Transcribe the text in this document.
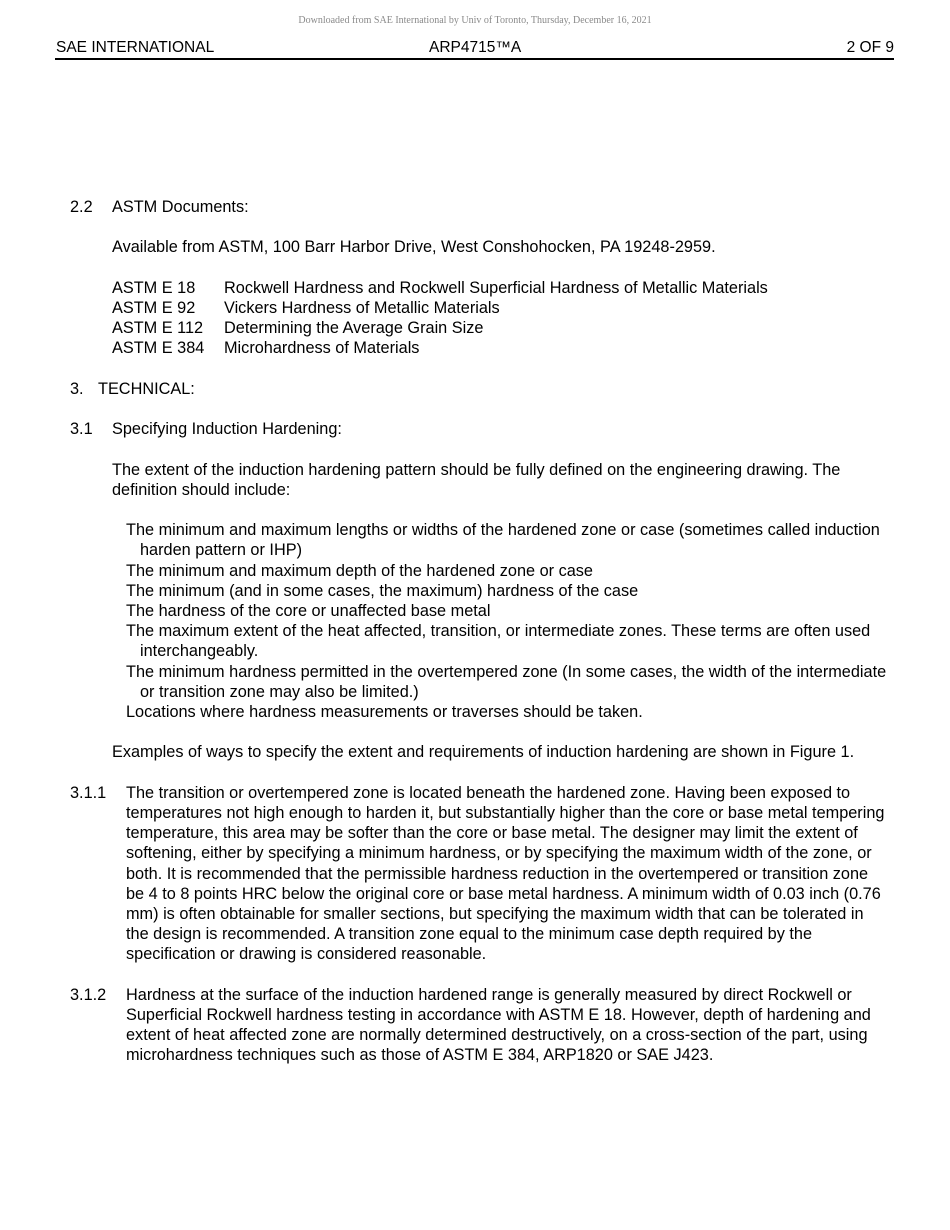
Downloaded from SAE International by Univ of Toronto, Thursday, December 16, 2021
SAE INTERNATIONAL	ARP4715™A	2 OF 9
2.2	ASTM Documents:
Available from ASTM, 100 Barr Harbor Drive, West Conshohocken, PA 19248-2959.
ASTM E 18	Rockwell Hardness and Rockwell Superficial Hardness of Metallic Materials
ASTM E 92	Vickers Hardness of Metallic Materials
ASTM E 112	Determining the Average Grain Size
ASTM E 384	Microhardness of Materials
3. TECHNICAL:
3.1	Specifying Induction Hardening:
The extent of the induction hardening pattern should be fully defined on the engineering drawing. The definition should include:
The minimum and maximum lengths or widths of the hardened zone or case (sometimes called induction harden pattern or IHP)
The minimum and maximum depth of the hardened zone or case
The minimum (and in some cases, the maximum) hardness of the case
The hardness of the core or unaffected base metal
The maximum extent of the heat affected, transition, or intermediate zones. These terms are often used interchangeably.
The minimum hardness permitted in the overtempered zone (In some cases, the width of the intermediate or transition zone may also be limited.)
Locations where hardness measurements or traverses should be taken.
Examples of ways to specify the extent and requirements of induction hardening are shown in Figure 1.
3.1.1	The transition or overtempered zone is located beneath the hardened zone. Having been exposed to temperatures not high enough to harden it, but substantially higher than the core or base metal tempering temperature, this area may be softer than the core or base metal. The designer may limit the extent of softening, either by specifying a minimum hardness, or by specifying the maximum width of the zone, or both. It is recommended that the permissible hardness reduction in the overtempered or transition zone be 4 to 8 points HRC below the original core or base metal hardness. A minimum width of 0.03 inch (0.76 mm) is often obtainable for smaller sections, but specifying the maximum width that can be tolerated in the design is recommended. A transition zone equal to the minimum case depth required by the specification or drawing is considered reasonable.
3.1.2	Hardness at the surface of the induction hardened range is generally measured by direct Rockwell or Superficial Rockwell hardness testing in accordance with ASTM E 18. However, depth of hardening and extent of heat affected zone are normally determined destructively, on a cross-section of the part, using microhardness techniques such as those of ASTM E 384, ARP1820 or SAE J423.
